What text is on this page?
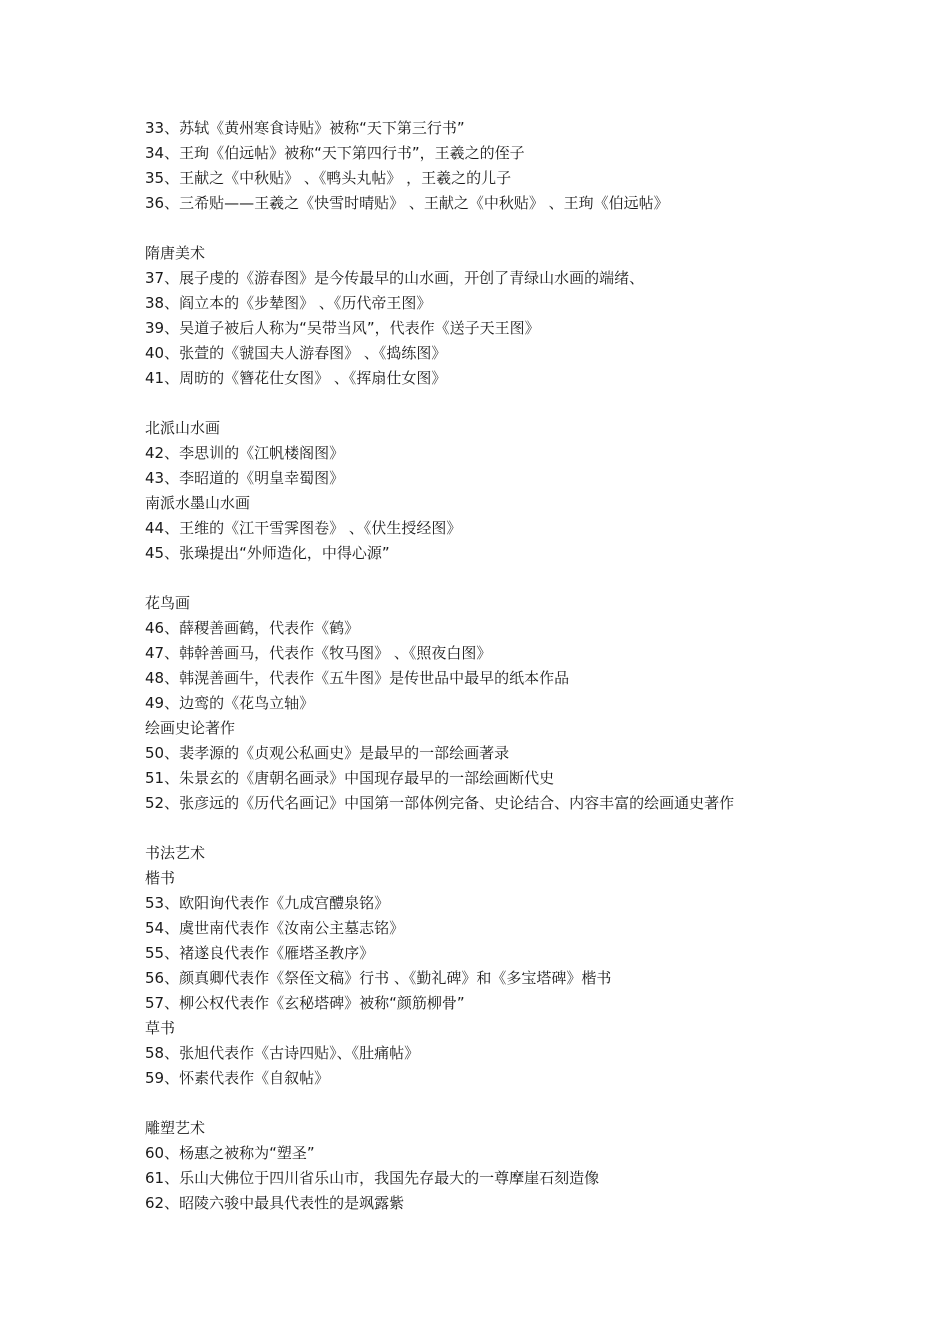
33、苏轼《黄州寒食诗贴》被称“天下第三行书”
34、王珣《伯远帖》被称“天下第四行书”，王羲之的侄子
35、王献之《中秋贴》 、《鸭头丸帖》 ，王羲之的儿子
36、三希贴——王羲之《快雪时晴贴》 、王献之《中秋贴》 、王珣《伯远帖》
隋唐美术
37、展子虔的《游春图》是今传最早的山水画，开创了青绿山水画的端绪、
38、阎立本的《步辇图》 、《历代帝王图》
39、吴道子被后人称为“吴带当风”，代表作《送子天王图》
40、张萱的《虢国夫人游春图》 、《捣练图》
41、周昉的《簪花仕女图》 、《挥扇仕女图》
北派山水画
42、李思训的《江帆楼阁图》
43、李昭道的《明皇幸蜀图》
南派水墨山水画
44、王维的《江干雪霁图卷》 、《伏生授经图》
45、张璪提出“外师造化，中得心源”
花鸟画
46、薛稷善画鹤，代表作《鹤》
47、韩幹善画马，代表作《牧马图》 、《照夜白图》
48、韩滉善画牛，代表作《五牛图》是传世品中最早的纸本作品
49、边鸾的《花鸟立轴》
绘画史论著作
50、裴孝源的《贞观公私画史》是最早的一部绘画著录
51、朱景玄的《唐朝名画录》中国现存最早的一部绘画断代史
52、张彦远的《历代名画记》中国第一部体例完备、史论结合、内容丰富的绘画通史著作
书法艺术
楷书
53、欧阳询代表作《九成宫醴泉铭》
54、虞世南代表作《汝南公主墓志铭》
55、褚遂良代表作《雁塔圣教序》
56、颜真卿代表作《祭侄文稿》行书 、《勤礼碑》和《多宝塔碑》楷书
57、柳公权代表作《玄秘塔碑》被称“颜筋柳骨”
草书
58、张旭代表作《古诗四贴》、《肚痛帖》
59、怀素代表作《自叙帖》
雕塑艺术
60、杨惠之被称为“塑圣”
61、乐山大佛位于四川省乐山市，我国先存最大的一尊摩崖石刻造像
62、昭陵六骏中最具代表性的是飒露紫
